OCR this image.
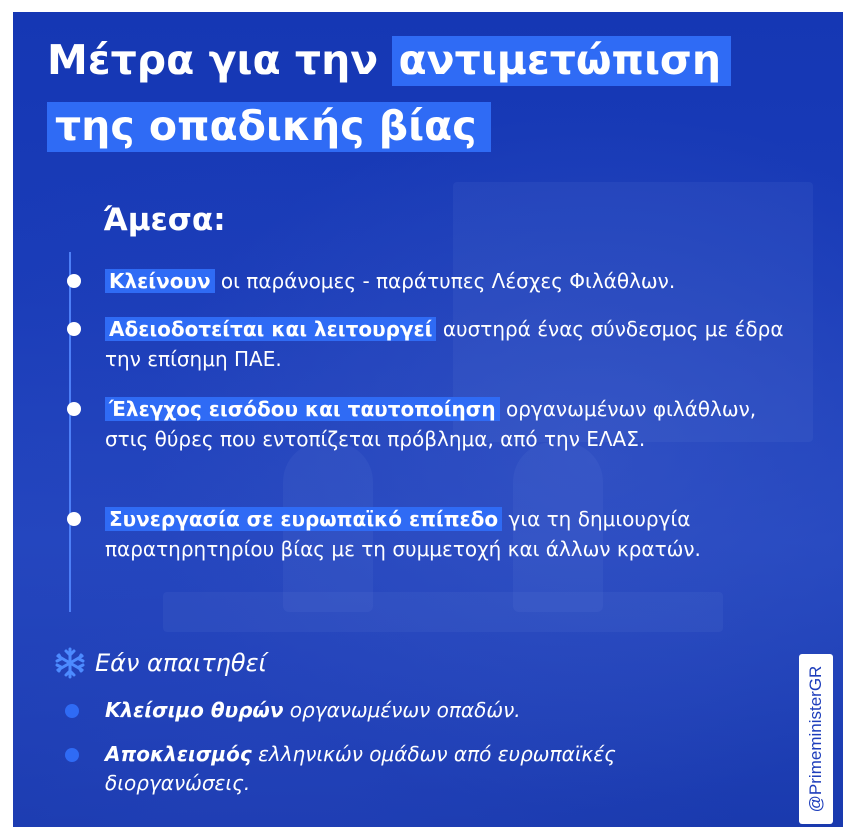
Μέτρα για την αντιμετώπιση
της οπαδικής βίας
Άμεσα:
Κλείνουν οι παράνομες - παράτυπες Λέσχες Φιλάθλων.
Αδειοδοτείται και λειτουργεί αυστηρά ένας σύνδεσμος με έδρα την επίσημη ΠΑΕ.
Έλεγχος εισόδου και ταυτοποίηση οργανωμένων φιλάθλων, στις θύρες που εντοπίζεται πρόβλημα, από την ΕΛΑΣ.
Συνεργασία σε ευρωπαϊκό επίπεδο για τη δημιουργία παρατηρητηρίου βίας με τη συμμετοχή και άλλων κρατών.
Εάν απαιτηθεί
Κλείσιμο θυρών οργανωμένων οπαδών.
Αποκλεισμός ελληνικών ομάδων από ευρωπαϊκές διοργανώσεις.	@PrimeministerGR
